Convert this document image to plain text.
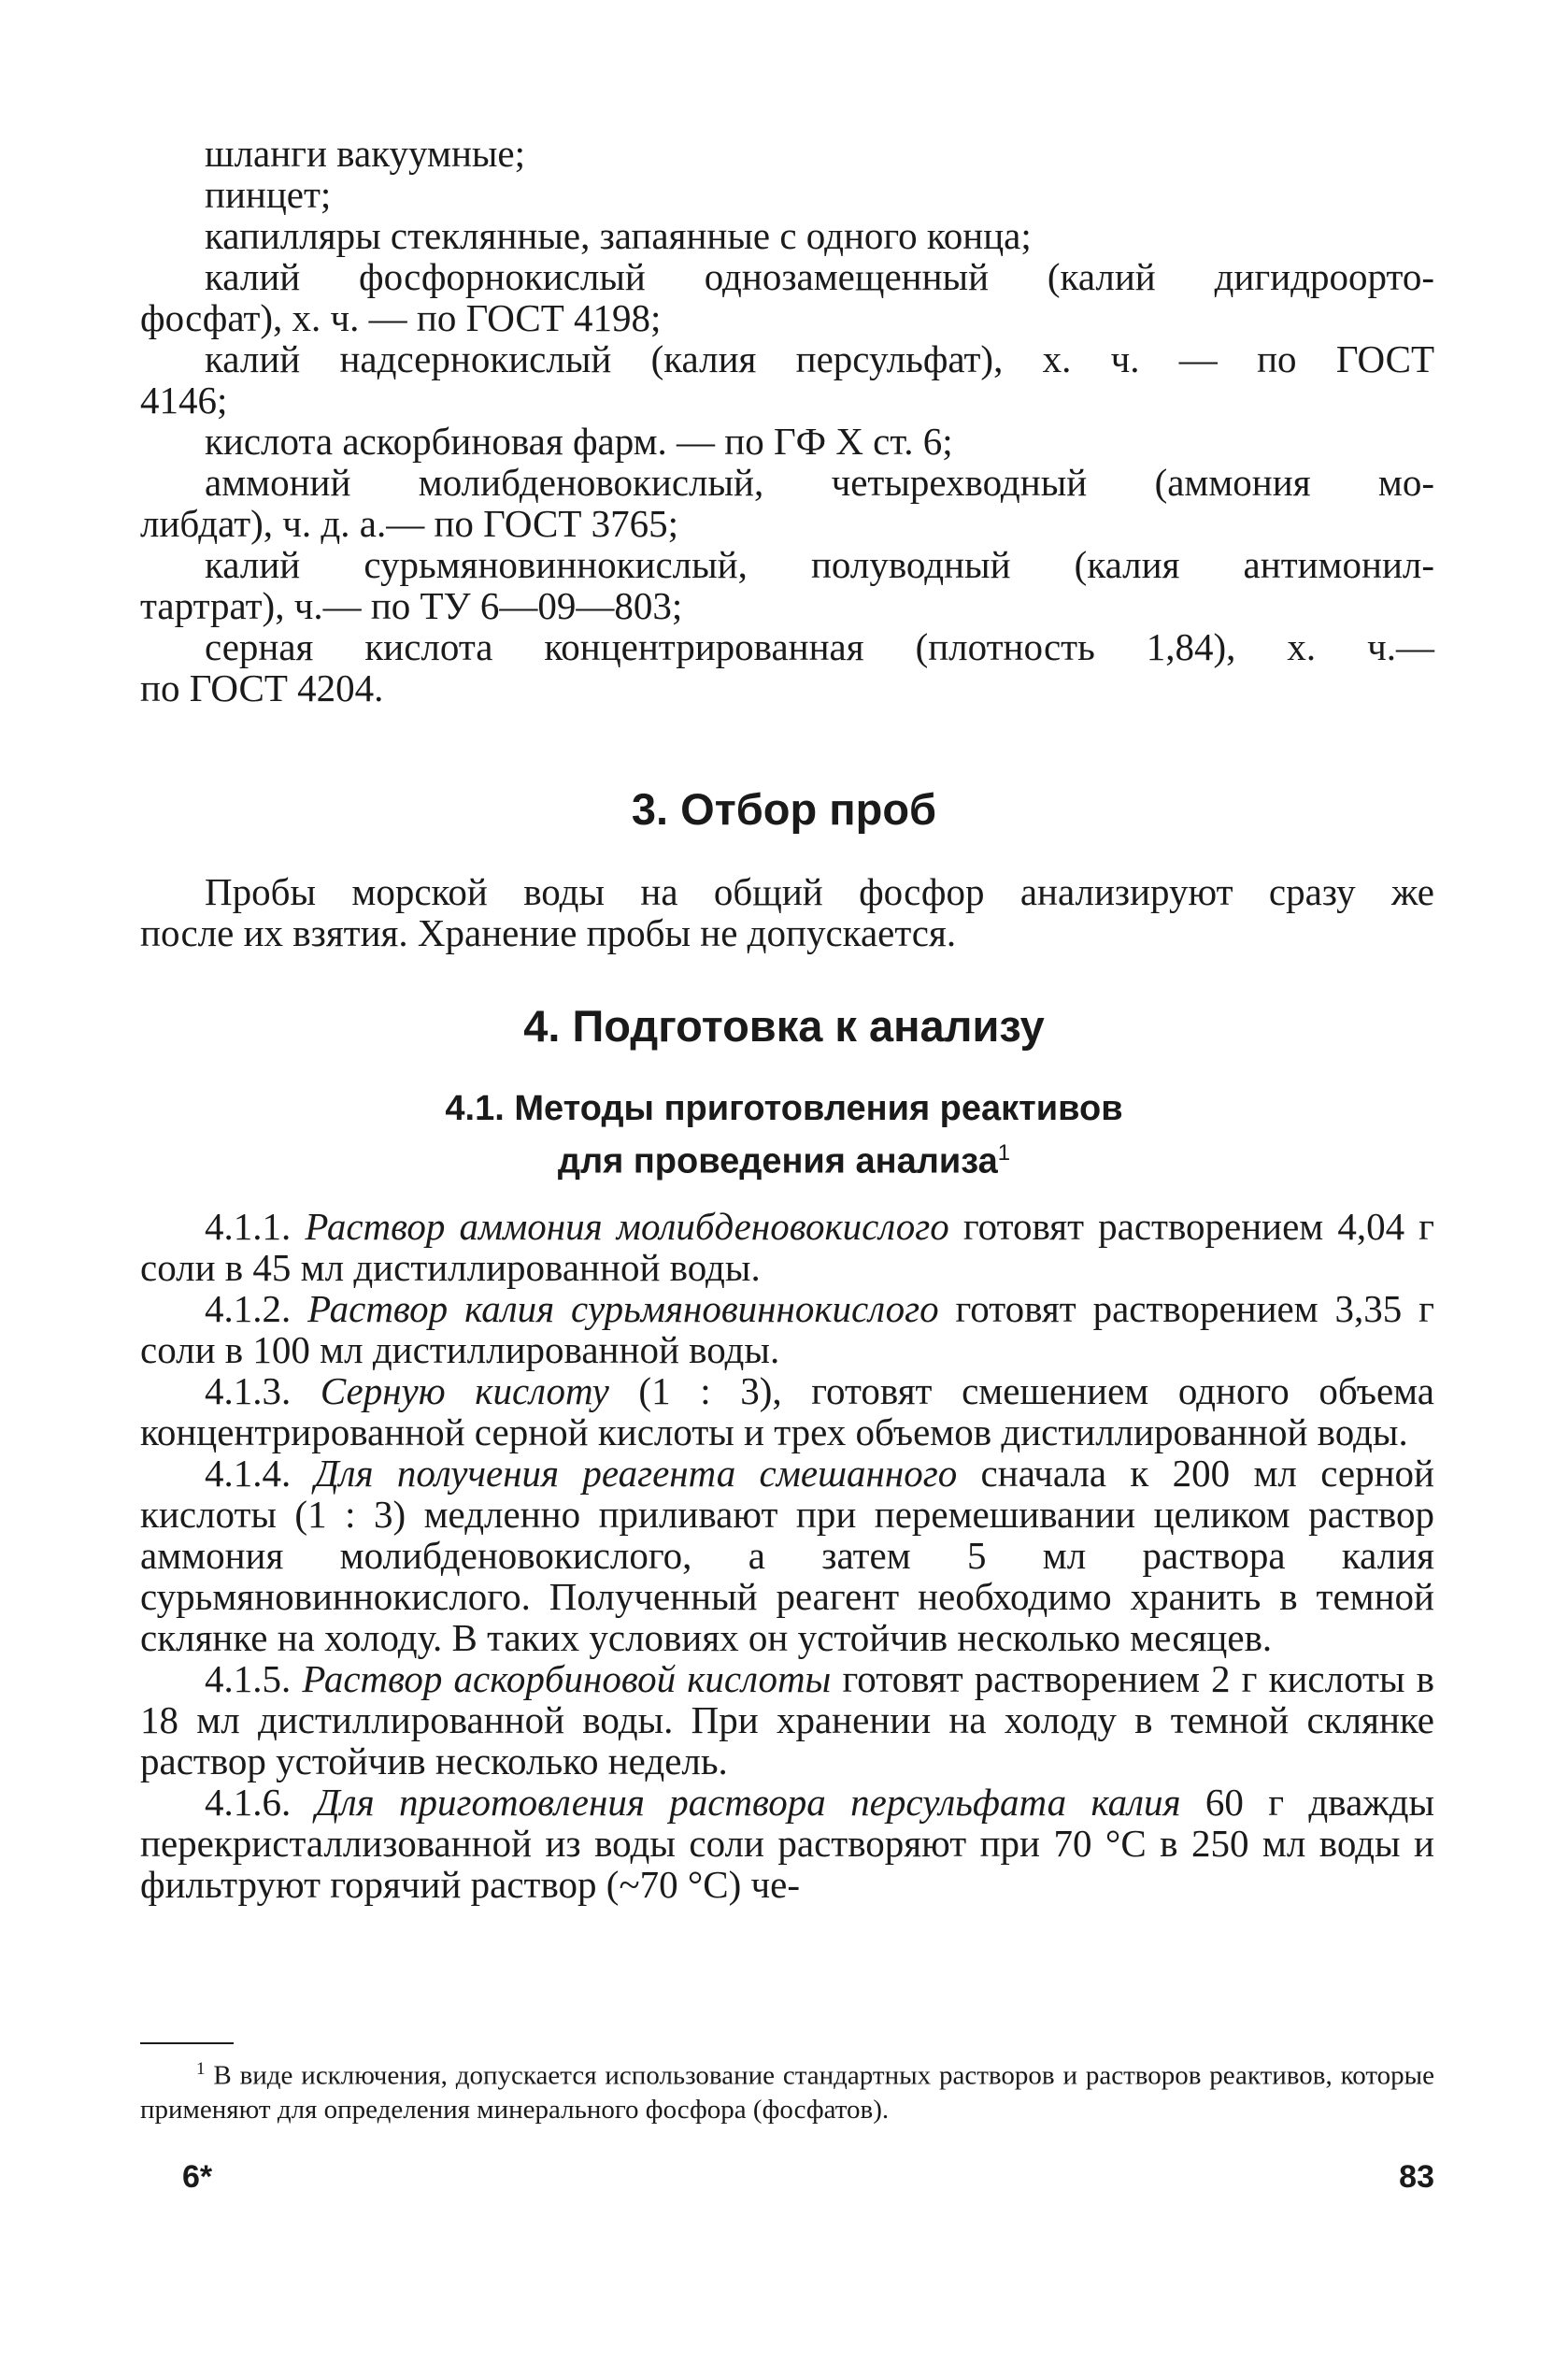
шланги вакуумные;
пинцет;
капилляры стеклянные, запаянные с одного конца;
калий фосфорнокислый однозамещенный (калий дигидроорто-
фосфат), х. ч. — по ГОСТ 4198;
калий надсернокислый (калия персульфат), х. ч. — по ГОСТ
4146;
кислота аскорбиновая фарм. — по ГФ X ст. 6;
аммоний молибденовокислый, четырехводный (аммония мо-
либдат), ч. д. а.— по ГОСТ 3765;
калий сурьмяновиннокислый, полуводный (калия антимонил-
тартрат), ч.— по ТУ 6—09—803;
серная кислота концентрированная (плотность 1,84), х. ч.—
по ГОСТ 4204.
3. Отбор проб
Пробы морской воды на общий фосфор анализируют сразу же
после их взятия. Хранение пробы не допускается.
4. Подготовка к анализу
4.1. Методы приготовления реактивов
для проведения анализа$^1$
4.1.1. Раствор аммония молибденовокислого готовят растворением 4,04 г соли в 45 мл дистиллированной воды.
4.1.2. Раствор калия сурьмяновиннокислого готовят растворением 3,35 г соли в 100 мл дистиллированной воды.
4.1.3. Серную кислоту (1 : 3), готовят смешением одного объема концентрированной серной кислоты и трех объемов дистиллированной воды.
4.1.4. Для получения реагента смешанного сначала к 200 мл серной кислоты (1 : 3) медленно приливают при перемешивании целиком раствор аммония молибденовокислого, а затем 5 мл раствора калия сурьмяновиннокислого. Полученный реагент необходимо хранить в темной склянке на холоду. В таких условиях он устойчив несколько месяцев.
4.1.5. Раствор аскорбиновой кислоты готовят растворением 2 г кислоты в 18 мл дистиллированной воды. При хранении на холоду в темной склянке раствор устойчив несколько недель.
4.1.6. Для приготовления раствора персульфата калия 60 г дважды перекристаллизованной из воды соли растворяют при 70 °C в 250 мл воды и фильтруют горячий раствор (~70 °C) че-
$^1$ В виде исключения, допускается использование стандартных растворов и растворов реактивов, которые применяют для определения минерального фосфора (фосфатов).
6*	83
